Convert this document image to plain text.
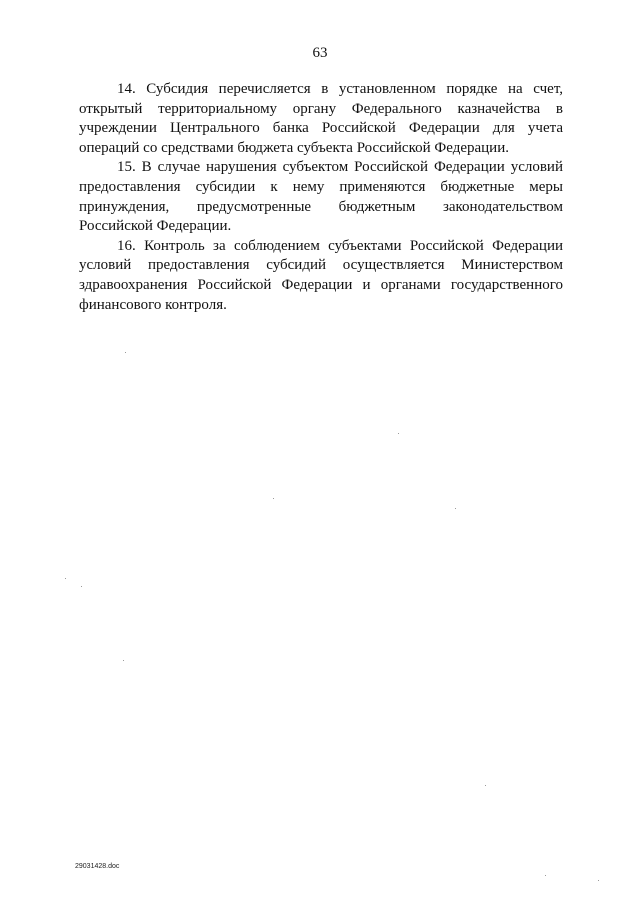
63

14. Субсидия перечисляется в установленном порядке на счет, открытый территориальному органу Федерального казначейства в учреждении Центрального банка Российской Федерации для учета операций со средствами бюджета субъекта Российской Федерации.

15. В случае нарушения субъектом Российской Федерации условий предоставления субсидии к нему применяются бюджетные меры принуждения, предусмотренные бюджетным законодательством Российской Федерации.

16. Контроль за соблюдением субъектами Российской Федерации условий предоставления субсидий осуществляется Министерством здравоохранения Российской Федерации и органами государственного финансового контроля.

29031428.doc
